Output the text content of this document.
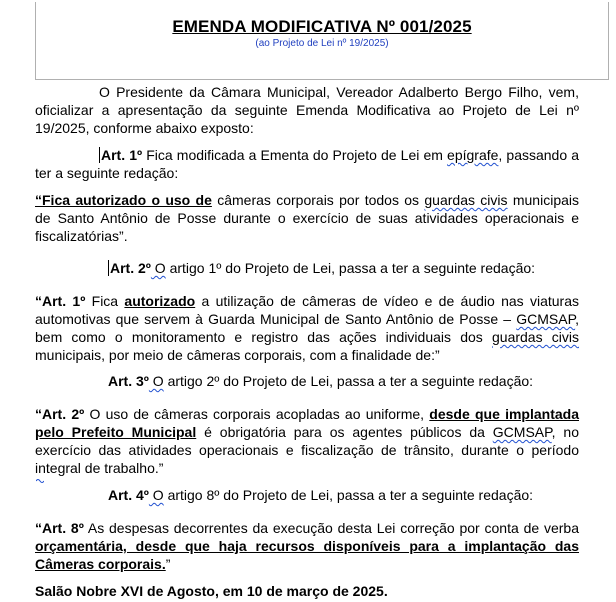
EMENDA MODIFICATIVA Nº 001/2025
(ao Projeto de Lei nº 19/2025)

O Presidente da Câmara Municipal, Vereador Adalberto Bergo Filho, vem, oficializar a apresentação da seguinte Emenda Modificativa ao Projeto de Lei nº 19/2025, conforme abaixo exposto:

Art. 1º Fica modificada a Ementa do Projeto de Lei em epígrafe, passando a ter a seguinte redação:

“Fica autorizado o uso de câmeras corporais por todos os guardas civis municipais de Santo Antônio de Posse durante o exercício de suas atividades operacionais e fiscalizatórias”.

Art. 2º O artigo 1º do Projeto de Lei, passa a ter a seguinte redação:

“Art. 1º Fica autorizado a utilização de câmeras de vídeo e de áudio nas viaturas automotivas que servem à Guarda Municipal de Santo Antônio de Posse – GCMSAP, bem como o monitoramento e registro das ações individuais dos guardas civis municipais, por meio de câmeras corporais, com a finalidade de:”

Art. 3º O artigo 2º do Projeto de Lei, passa a ter a seguinte redação:

“Art. 2º O uso de câmeras corporais acopladas ao uniforme, desde que implantada pelo Prefeito Municipal é obrigatória para os agentes públicos da GCMSAP, no exercício das atividades operacionais e fiscalização de trânsito, durante o período integral de trabalho.”

Art. 4º O artigo 8º do Projeto de Lei, passa a ter a seguinte redação:

“Art. 8º As despesas decorrentes da execução desta Lei correção por conta de verba orçamentária, desde que haja recursos disponíveis para a implantação das Câmeras corporais.”

Salão Nobre XVI de Agosto, em 10 de março de 2025.
